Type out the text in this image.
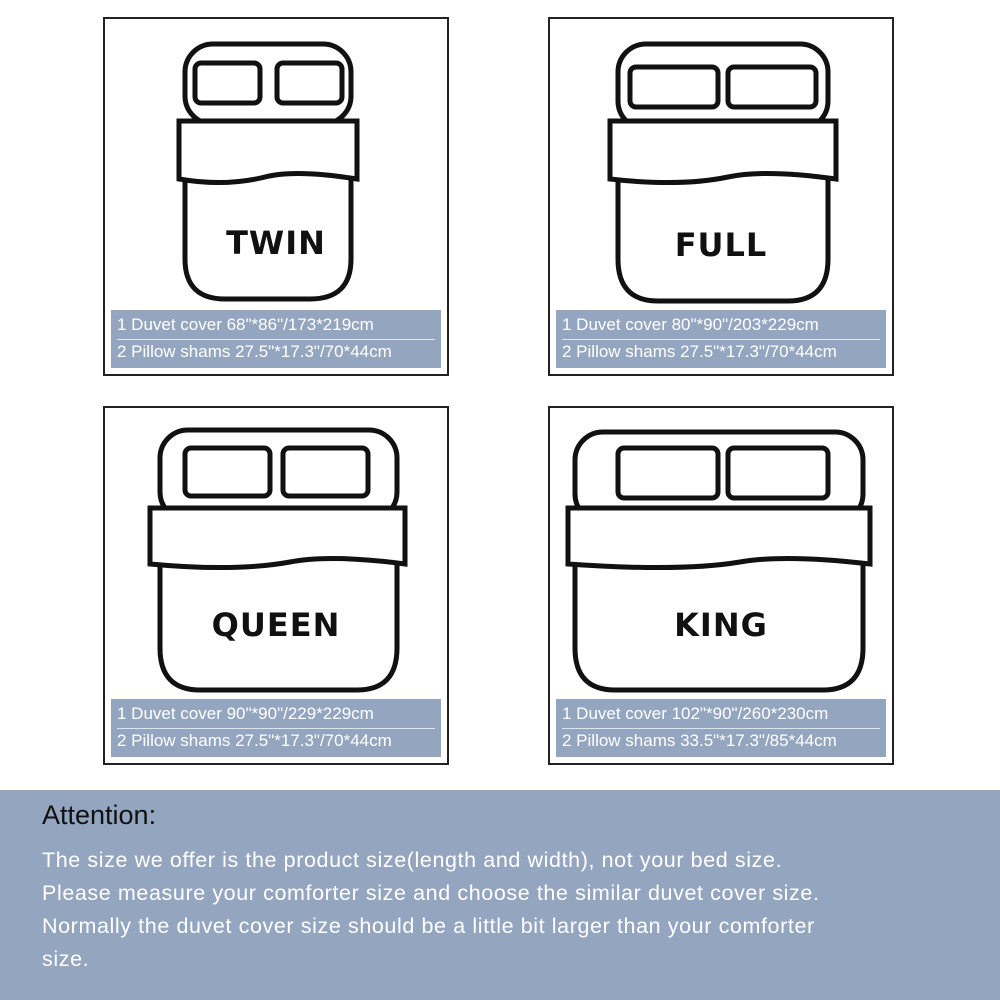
TWIN
1 Duvet cover 68"*86"/173*219cm
2 Pillow shams 27.5"*17.3"/70*44cm
FULL
1 Duvet cover 80"*90"/203*229cm
2 Pillow shams 27.5"*17.3"/70*44cm
QUEEN
1 Duvet cover 90"*90"/229*229cm
2 Pillow shams 27.5"*17.3"/70*44cm
KING
1 Duvet cover 102"*90"/260*230cm
2 Pillow shams 33.5"*17.3"/85*44cm
Attention:
The size we offer is the product size(length and width), not your bed size.
Please measure your comforter size and choose the similar duvet cover size.
Normally the duvet cover size should be a little bit larger than your comforter
size.
